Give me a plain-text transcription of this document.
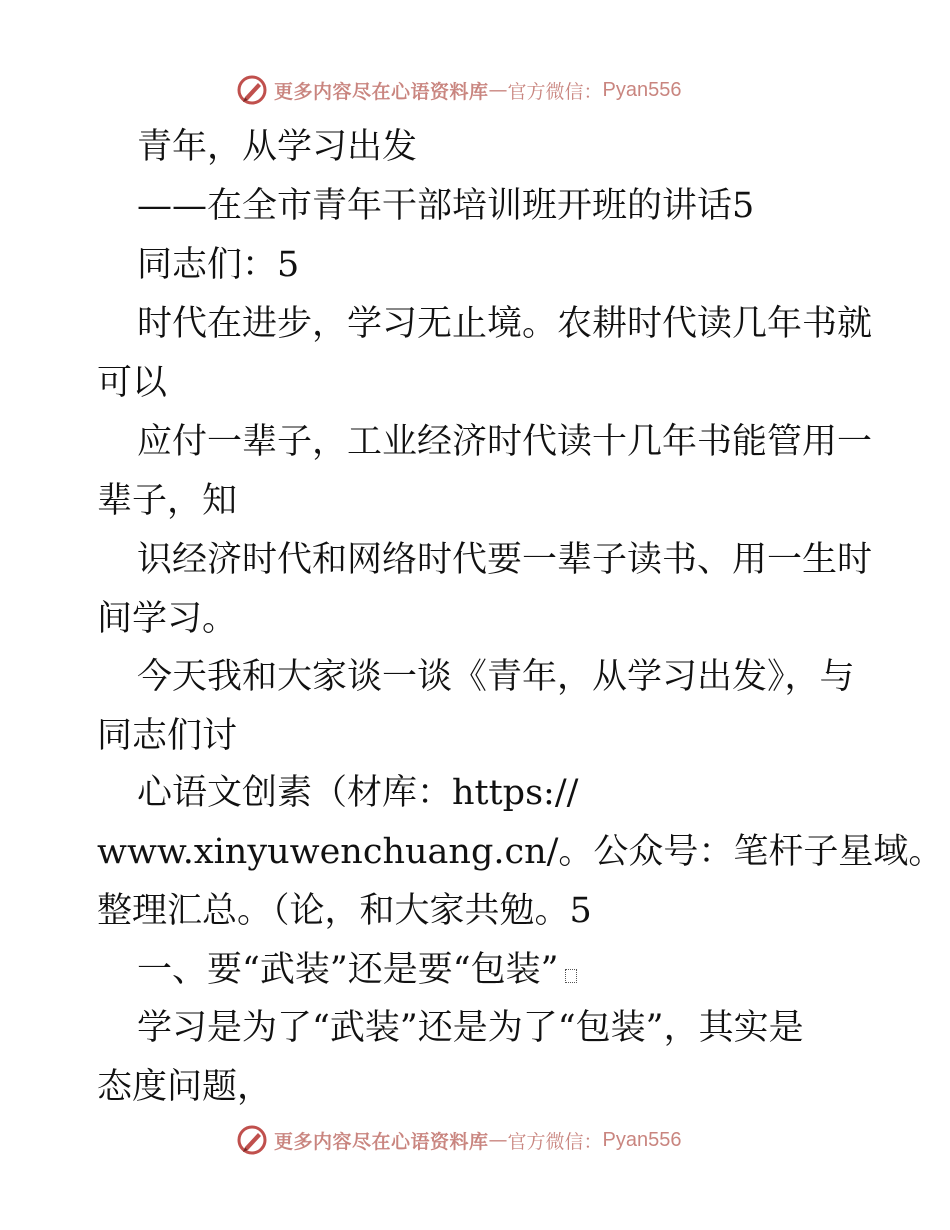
更多内容尽在心语资料库 — 官方微信： Pyan556
青年，从学习出发
——在全市青年干部培训班开班的讲话5
同志们：5
时代在进步，学习无止境。农耕时代读几年书就
可以
应付一辈子，工业经济时代读十几年书能管用一
辈子，知
识经济时代和网络时代要一辈子读书、用一生时
间学习。
今天我和大家谈一谈《青年，从学习出发》，与
同志们讨
心语文创素（材库：https://
www.xinyuwenchuang.cn/。公众号：笔杆子星域。
整理汇总。（论，和大家共勉。5
一、要“武装”还是要“包装”
学习是为了“武装”还是为了“包装”，其实是
态度问题，
更多内容尽在心语资料库 — 官方微信： Pyan556
